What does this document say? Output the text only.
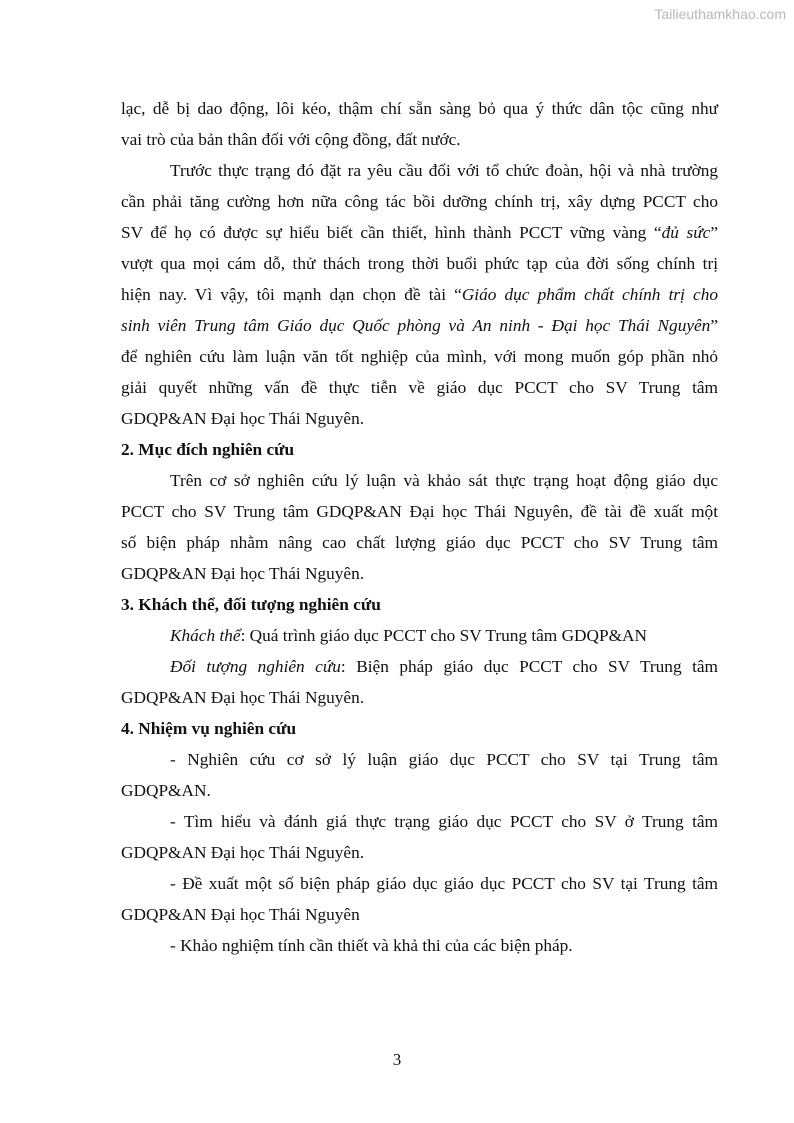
Tailieuthamkhao.com
lạc, dễ bị dao động, lôi kéo, thậm chí sẵn sàng bỏ qua ý thức dân tộc cũng như
vai trò của bản thân đối với cộng đồng, đất nước.
Trước thực trạng đó đặt ra yêu cầu đối với tổ chức đoàn, hội và nhà trường
cần phải tăng cường hơn nữa công tác bồi dưỡng chính trị, xây dựng PCCT cho
SV để họ có được sự hiểu biết cần thiết, hình thành PCCT vững vàng “đủ sức”
vượt qua mọi cám dỗ, thử thách trong thời buổi phức tạp của đời sống chính trị
hiện nay. Vì vậy, tôi mạnh dạn chọn đề tài “Giáo dục phẩm chất chính trị cho
sinh viên Trung tâm Giáo dục Quốc phòng và An ninh - Đại học Thái Nguyên”
để nghiên cứu làm luận văn tốt nghiệp của mình, với mong muốn góp phần nhỏ
giải quyết những vấn đề thực tiễn về giáo dục PCCT cho SV Trung tâm
GDQP&AN Đại học Thái Nguyên.
2. Mục đích nghiên cứu
Trên cơ sở nghiên cứu lý luận và khảo sát thực trạng hoạt động giáo dục
PCCT cho SV Trung tâm GDQP&AN Đại học Thái Nguyên, đề tài đề xuất một
số biện pháp nhằm nâng cao chất lượng giáo dục PCCT cho SV Trung tâm
GDQP&AN Đại học Thái Nguyên.
3. Khách thể, đối tượng nghiên cứu
Khách thể: Quá trình giáo dục PCCT cho SV Trung tâm GDQP&AN
Đối tượng nghiên cứu: Biện pháp giáo dục PCCT cho SV Trung tâm
GDQP&AN Đại học Thái Nguyên.
4. Nhiệm vụ nghiên cứu
- Nghiên cứu cơ sở lý luận giáo dục PCCT cho SV tại Trung tâm
GDQP&AN.
- Tìm hiểu và đánh giá thực trạng giáo dục PCCT cho SV ở Trung tâm
GDQP&AN Đại học Thái Nguyên.
- Đề xuất một số biện pháp giáo dục giáo dục PCCT cho SV tại Trung tâm
GDQP&AN Đại học Thái Nguyên
- Khảo nghiệm tính cần thiết và khả thi của các biện pháp.
3
